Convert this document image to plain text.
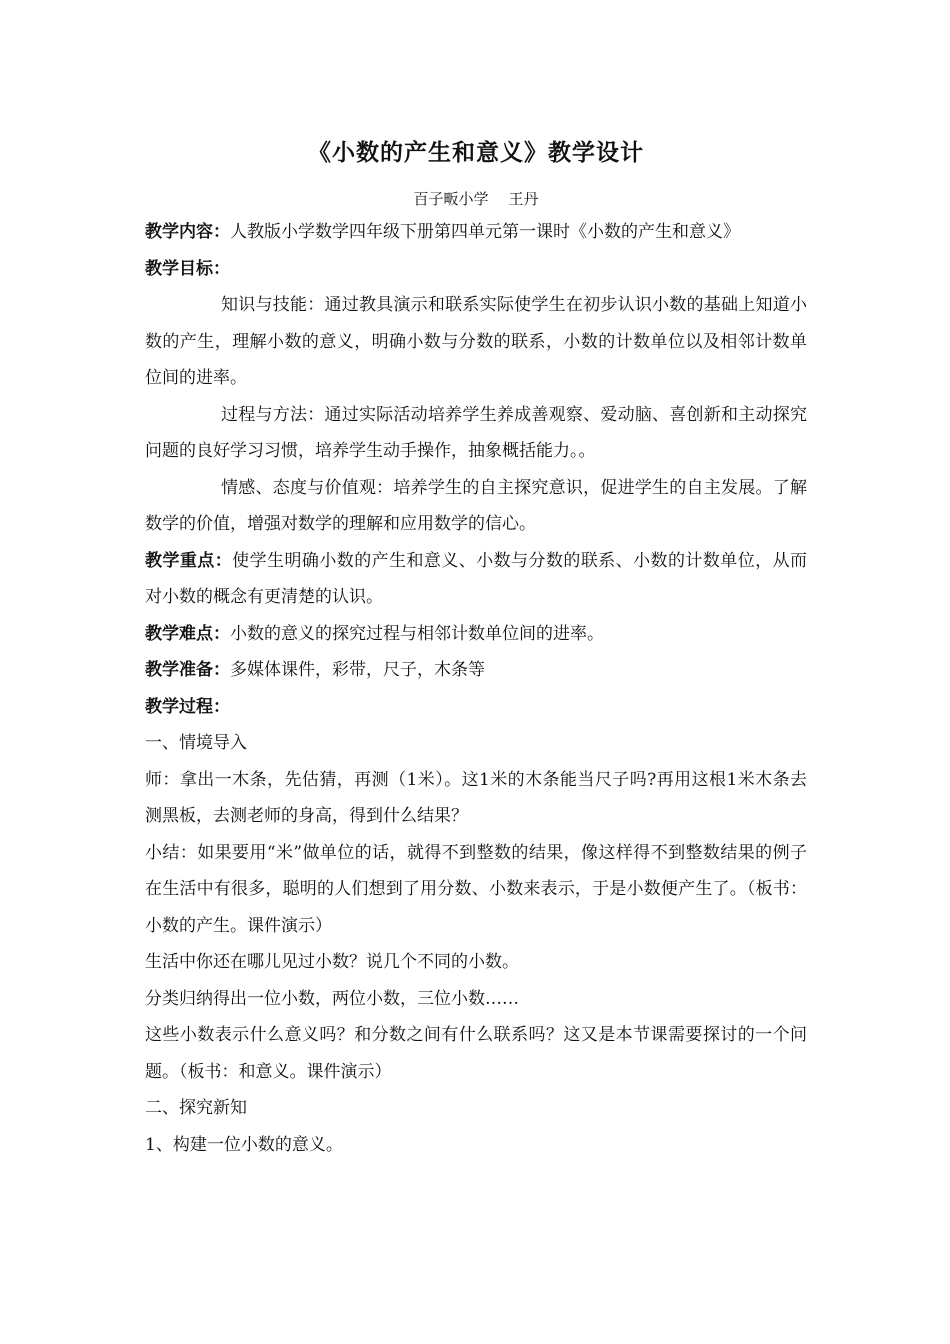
《小数的产生和意义》教学设计
百子畈小学 王丹

教学内容：人教版小学数学四年级下册第四单元第一课时《小数的产生和意义》

教学目标：

知识与技能：通过教具演示和联系实际使学生在初步认识小数的基础上知道小数的产生，理解小数的意义，明确小数与分数的联系，小数的计数单位以及相邻计数单位间的进率。

过程与方法：通过实际活动培养学生养成善观察、爱动脑、喜创新和主动探究问题的良好学习习惯，培养学生动手操作，抽象概括能力。。

情感、态度与价值观：培养学生的自主探究意识，促进学生的自主发展。了解数学的价值，增强对数学的理解和应用数学的信心。

教学重点：使学生明确小数的产生和意义、小数与分数的联系、小数的计数单位，从而对小数的概念有更清楚的认识。

教学难点：小数的意义的探究过程与相邻计数单位间的进率。

教学准备：多媒体课件，彩带，尺子，木条等

教学过程：

一、情境导入

师：拿出一木条，先估猜，再测（1米）。这1米的木条能当尺子吗?再用这根1米木条去测黑板，去测老师的身高，得到什么结果？

小结：如果要用“米”做单位的话，就得不到整数的结果，像这样得不到整数结果的例子在生活中有很多，聪明的人们想到了用分数、小数来表示，于是小数便产生了。（板书：小数的产生。课件演示）

生活中你还在哪儿见过小数？说几个不同的小数。

分类归纳得出一位小数，两位小数，三位小数……

这些小数表示什么意义吗？和分数之间有什么联系吗？这又是本节课需要探讨的一个问题。（板书：和意义。课件演示）

二、探究新知

1、构建一位小数的意义。
